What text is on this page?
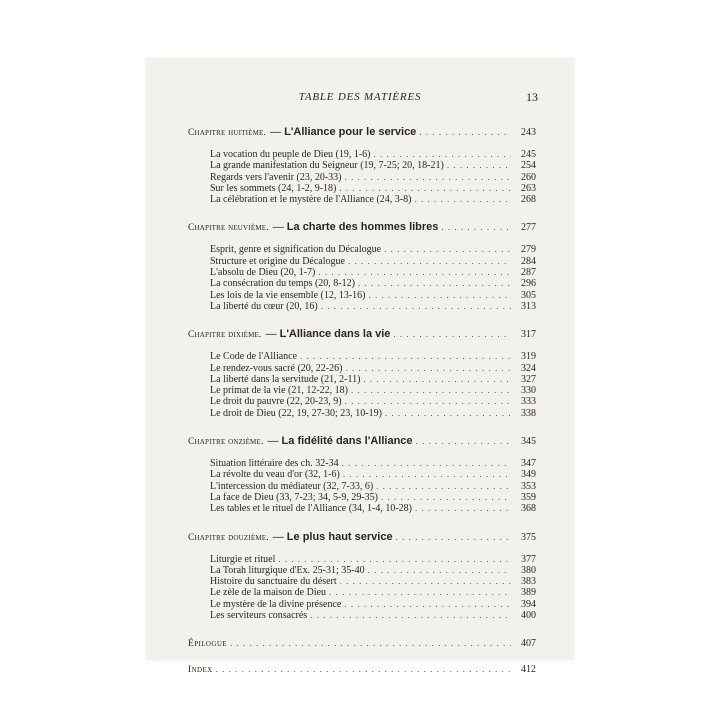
TABLE DES MATIÈRES	13
Chapitre huitième. — L'Alliance pour le service . . .	243
La vocation du peuple de Dieu (19, 1-6) . . .	245
La grande manifestation du Seigneur (19, 7-25; 20, 18-21) . . .	254
Regards vers l'avenir (23, 20-33) . . .	260
Sur les sommets (24, 1-2, 9-18) . . .	263
La célébration et le mystère de l'Alliance (24, 3-8) . . .	268
Chapitre neuvième. — La charte des hommes libres . . .	277
Esprit, genre et signification du Décalogue . . .	279
Structure et origine du Décalogue . . .	284
L'absolu de Dieu (20, 1-7) . . .	287
La consécration du temps (20, 8-12) . . .	296
Les lois de la vie ensemble (12, 13-16) . . .	305
La liberté du cœur (20, 16) . . .	313
Chapitre dixième. — L'Alliance dans la vie . . .	317
Le Code de l'Alliance . . .	319
Le rendez-vous sacré (20, 22-26) . . .	324
La liberté dans la servitude (21, 2-11) . . .	327
Le primat de la vie (21, 12-22, 18) . . .	330
Le droit du pauvre (22, 20-23, 9) . . .	333
Le droit de Dieu (22, 19, 27-30; 23, 10-19) . . .	338
Chapitre onzième. — La fidélité dans l'Alliance . . .	345
Situation littéraire des ch. 32-34 . . .	347
La révolte du veau d'or (32, 1-6) . . .	349
L'intercession du médiateur (32, 7-33, 6) . . .	353
La face de Dieu (33, 7-23; 34, 5-9, 29-35) . . .	359
Les tables et le rituel de l'Alliance (34, 1-4, 10-28) . . .	368
Chapitre douzième. — Le plus haut service . . .	375
Liturgie et rituel . . .	377
La Torah liturgique d'Ex. 25-31; 35-40 . . .	380
Histoire du sanctuaire du désert . . .	383
Le zèle de la maison de Dieu . . .	389
Le mystère de la divine présence . . .	394
Les serviteurs consacrés . . .	400
Épilogue . . .	407
Index . . .	412
